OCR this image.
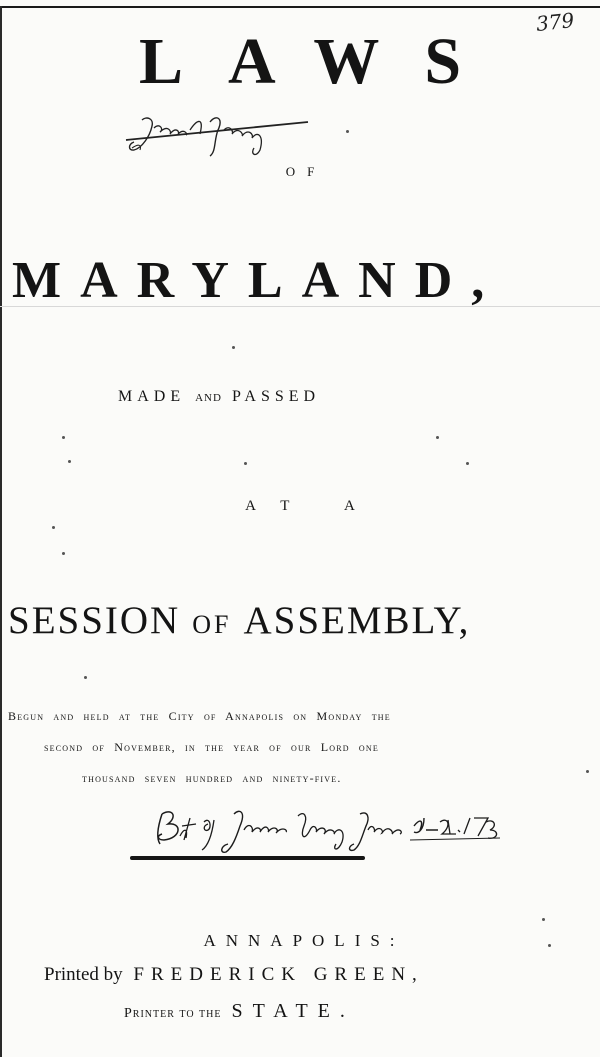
379
LAWS
OF
MARYLAND,
MADE AND PASSED
AT A
SESSION OF ASSEMBLY,
Begun and held at the City of Annapolis on Monday the
second of November, in the year of our Lord one
thousand seven hundred and ninety-five.
ANNAPOLIS:
Printed by FREDERICK GREEN,
Printer to the STATE.
